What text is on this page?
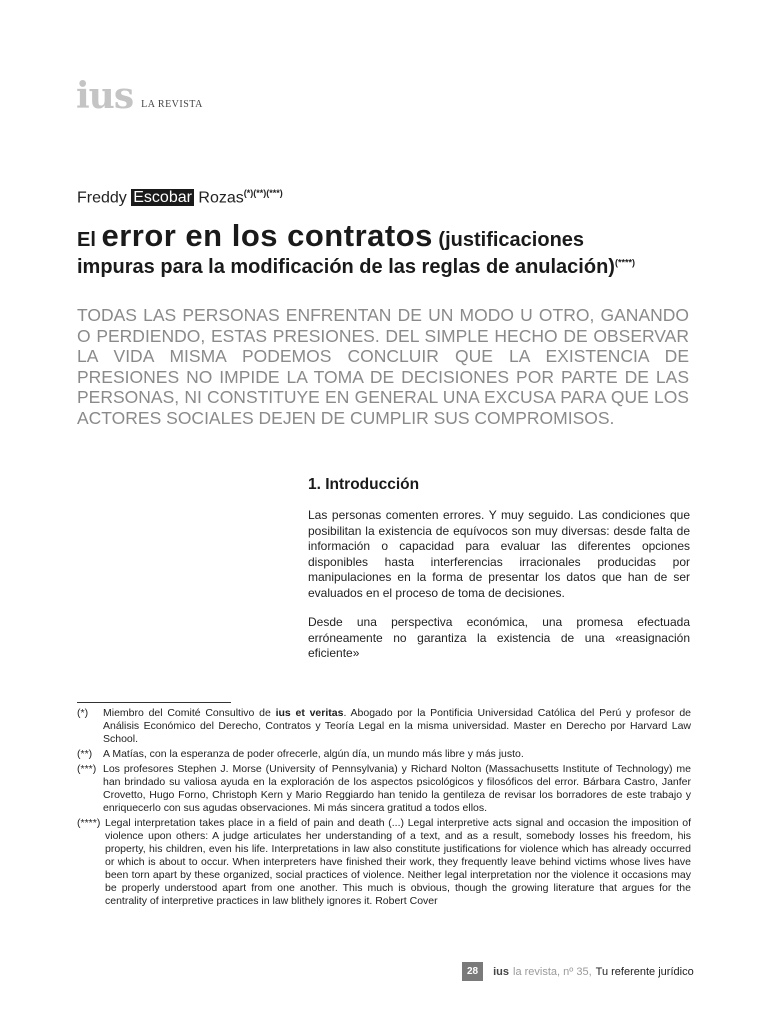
ius LA REVISTA
Freddy Escobar Rozas(*)(**)(***)
El error en los contratos (justificaciones
impuras para la modificación de las reglas de anulación)(****)
TODAS LAS PERSONAS ENFRENTAN DE UN MODO U OTRO, GANANDO O PERDIENDO, ESTAS PRESIONES. DEL SIMPLE HECHO DE OBSERVAR LA VIDA MISMA PODEMOS CONCLUIR QUE LA EXISTENCIA DE PRESIONES NO IMPIDE LA TOMA DE DECISIONES POR PARTE DE LAS PERSONAS, NI CONSTITUYE EN GENERAL UNA EXCUSA PARA QUE LOS ACTORES SOCIALES DEJEN DE CUMPLIR SUS COMPROMISOS.
1. Introducción

Las personas comenten errores. Y muy seguido. Las condiciones que posibilitan la existencia de equívocos son muy diversas: desde falta de información o capacidad para evaluar las diferentes opciones disponibles hasta interferencias irracionales producidas por manipulaciones en la forma de presentar los datos que han de ser evaluados en el proceso de toma de decisiones.

Desde una perspectiva económica, una promesa efectuada erróneamente no garantiza la existencia de una «reasignación eficiente»

(*)	Miembro del Comité Consultivo de ius et veritas. Abogado por la Pontificia Universidad Católica del Perú y profesor de Análisis Económico del Derecho, Contratos y Teoría Legal en la misma universidad. Master en Derecho por Harvard Law School.
(**)	A Matías, con la esperanza de poder ofrecerle, algún día, un mundo más libre y más justo.
(***) Los profesores Stephen J. Morse (University of Pennsylvania) y Richard Nolton (Massachusetts Institute of Technology) me han brindado su valiosa ayuda en la exploración de los aspectos psicológicos y filosóficos del error. Bárbara Castro, Janfer Crovetto, Hugo Forno, Christoph Kern y Mario Reggiardo han tenido la gentileza de revisar los borradores de este trabajo y enriquecerlo con sus agudas observaciones. Mi más sincera gratitud a todos ellos.
(****) Legal interpretation takes place in a field of pain and death (...) Legal interpretive acts signal and occasion the imposition of violence upon others: A judge articulates her understanding of a text, and as a result, somebody losses his freedom, his property, his children, even his life. Interpretations in law also constitute justifications for violence which has already occurred or which is about to occur. When interpreters have finished their work, they frequently leave behind victims whose lives have been torn apart by these organized, social practices of violence. Neither legal interpretation nor the violence it occasions may be properly understood apart from one another. This much is obvious, though the growing literature that argues for the centrality of interpretive practices in law blithely ignores it. Robert Cover
28	ius la revista, nº 35, Tu referente jurídico
